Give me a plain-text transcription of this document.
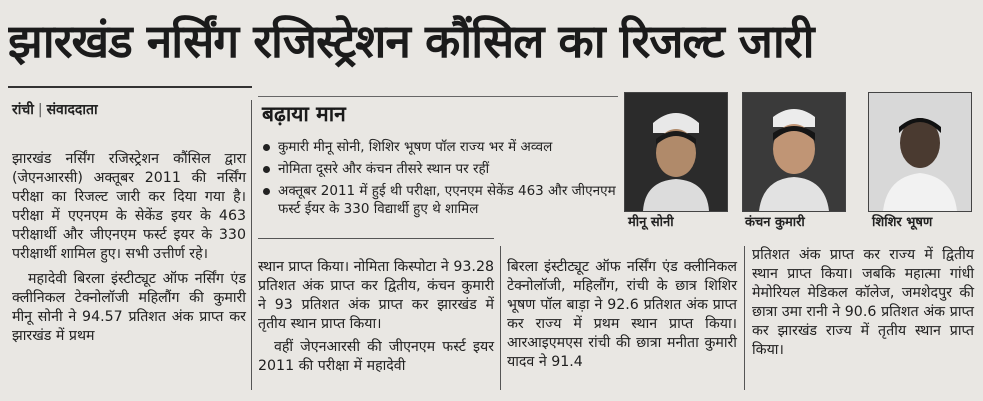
झारखंड नर्सिंग रजिस्ट्रेशन कौंसिल का रिजल्ट जारी
रांची | संवाददाता

झारखंड नर्सिंग रजिस्ट्रेशन कौंसिल द्वारा (जेएनआरसी) अक्तूबर 2011 की नर्सिंग परीक्षा का रिजल्ट जारी कर दिया गया है। परीक्षा में एएनएम के सेकेंड इयर के 463 परीक्षार्थी और जीएनएम फर्स्ट इयर के 330 परीक्षार्थी शामिल हुए। सभी उत्तीर्ण रहे।

महादेवी बिरला इंस्टीट्यूट ऑफ नर्सिंग एंड क्लीनिकल टेक्नोलॉजी महिलौंग की कुमारी मीनू सोनी ने 94.57 प्रतिशत अंक प्राप्त कर झारखंड में प्रथम

बढ़ाया मान
कुमारी मीनू सोनी, शिशिर भूषण पॉल राज्य भर में अव्वल
नोमिता दूसरे और कंचन तीसरे स्थान पर रहीं
अक्तूबर 2011 में हुई थी परीक्षा, एएनएम सेकेंड 463 और जीएनएम फर्स्ट ईयर के 330 विद्यार्थी हुए थे शामिल
मीनू सोनी	कंचन कुमारी	शिशिर भूषण

स्थान प्राप्त किया। नोमिता किस्पोटा ने 93.28 प्रतिशत अंक प्राप्त कर द्वितीय, कंचन कुमारी ने 93 प्रतिशत अंक प्राप्त कर झारखंड में तृतीय स्थान प्राप्त किया।

वहीं जेएनआरसी की जीएनएम फर्स्ट इयर 2011 की परीक्षा में महादेवी

बिरला इंस्टीट्यूट ऑफ नर्सिंग एंड क्लीनिकल टेक्नोलॉजी, महिलौंग, रांची के छात्र शिशिर भूषण पॉल बाड़ा ने 92.6 प्रतिशत अंक प्राप्त कर राज्य में प्रथम स्थान प्राप्त किया। आरआइएमएस रांची की छात्रा मनीता कुमारी यादव ने 91.4

प्रतिशत अंक प्राप्त कर राज्य में द्वितीय स्थान प्राप्त किया। जबकि महात्मा गांधी मेमोरियल मेडिकल कॉलेज, जमशेदपुर की छात्रा उमा रानी ने 90.6 प्रतिशत अंक प्राप्त कर झारखंड राज्य में तृतीय स्थान प्राप्त किया।
